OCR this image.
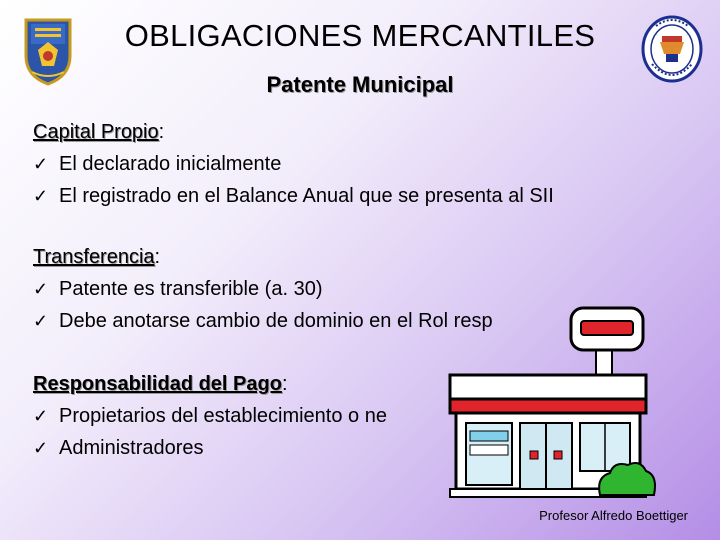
OBLIGACIONES MERCANTILES
Patente Municipal
Capital Propio:
✓ El declarado inicialmente
✓ El registrado en el Balance Anual que se presenta al SII
Transferencia:
✓ Patente es transferible (a. 30)
✓ Debe anotarse cambio de dominio en el Rol resp
Responsabilidad del Pago:
✓ Propietarios del establecimiento o ne
✓ Administradores
Profesor Alfredo Boettiger
